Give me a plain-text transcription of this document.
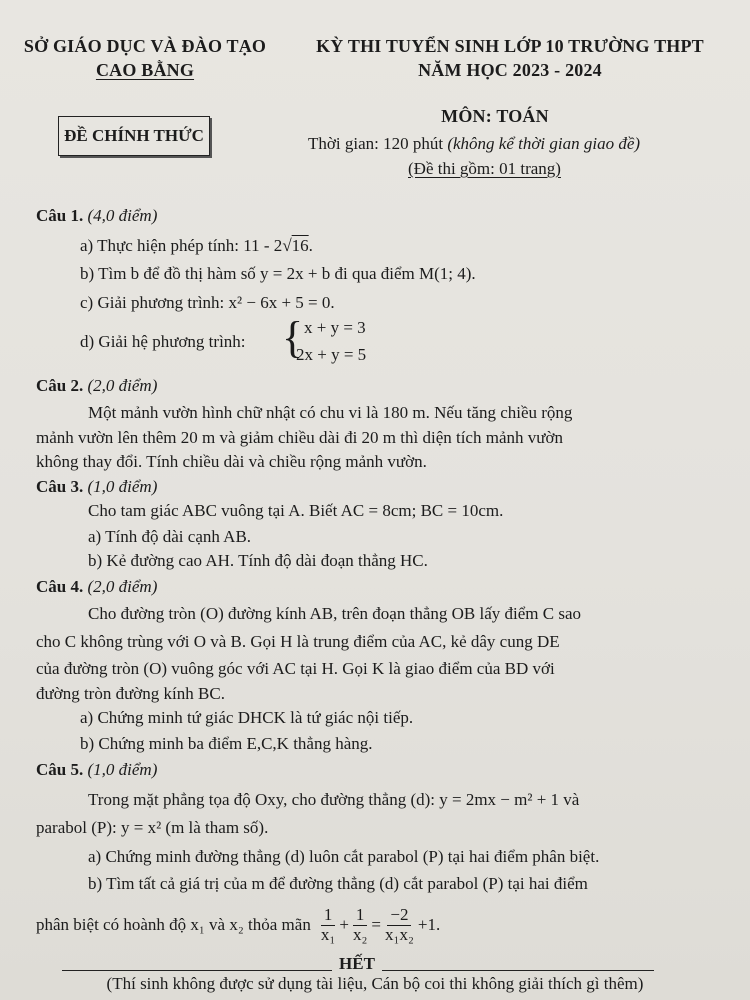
SỞ GIÁO DỤC VÀ ĐÀO TẠO
CAO BẰNG
KỲ THI TUYỂN SINH LỚP 10 TRƯỜNG THPT
NĂM HỌC 2023 - 2024
ĐỀ CHÍNH THỨC
MÔN: TOÁN
Thời gian: 120 phút (không kể thời gian giao đề)
(Đề thi gồm: 01 trang)
Câu 1. (4,0 điểm)
a) Thực hiện phép tính: 11 - 2√16.
b) Tìm b để đồ thị hàm số y = 2x + b đi qua điểm M(1; 4).
c) Giải phương trình: x² − 6x + 5 = 0.
d) Giải hệ phương trình: { x + y = 3
2x + y = 5
Câu 2. (2,0 điểm)
Một mảnh vườn hình chữ nhật có chu vi là 180 m. Nếu tăng chiều rộng
mảnh vườn lên thêm 20 m và giảm chiều dài đi 20 m thì diện tích mảnh vườn
không thay đổi. Tính chiều dài và chiều rộng mảnh vườn.
Câu 3. (1,0 điểm)
Cho tam giác ABC vuông tại A. Biết AC = 8cm; BC = 10cm.
a) Tính độ dài cạnh AB.
b) Kẻ đường cao AH. Tính độ dài đoạn thẳng HC.
Câu 4. (2,0 điểm)
Cho đường tròn (O) đường kính AB, trên đoạn thẳng OB lấy điểm C sao
cho C không trùng với O và B. Gọi H là trung điểm của AC, kẻ dây cung DE
của đường tròn (O) vuông góc với AC tại H. Gọi K là giao điểm của BD với
đường tròn đường kính BC.
a) Chứng minh tứ giác DHCK là tứ giác nội tiếp.
b) Chứng minh ba điểm E,C,K thẳng hàng.
Câu 5. (1,0 điểm)
Trong mặt phẳng tọa độ Oxy, cho đường thẳng (d): y = 2mx − m² + 1 và
parabol (P): y = x² (m là tham số).
a) Chứng minh đường thẳng (d) luôn cắt parabol (P) tại hai điểm phân biệt.
b) Tìm tất cả giá trị của m để đường thẳng (d) cắt parabol (P) tại hai điểm
phân biệt có hoành độ x₁ và x₂ thỏa mãn $\frac{1}{\text{x₁}} + \frac{1}{\text{x₂}} = \frac{-2}{\text{x₁x₂}} +1$.
HẾT
(Thí sinh không được sử dụng tài liệu, Cán bộ coi thi không giải thích gì thêm)
